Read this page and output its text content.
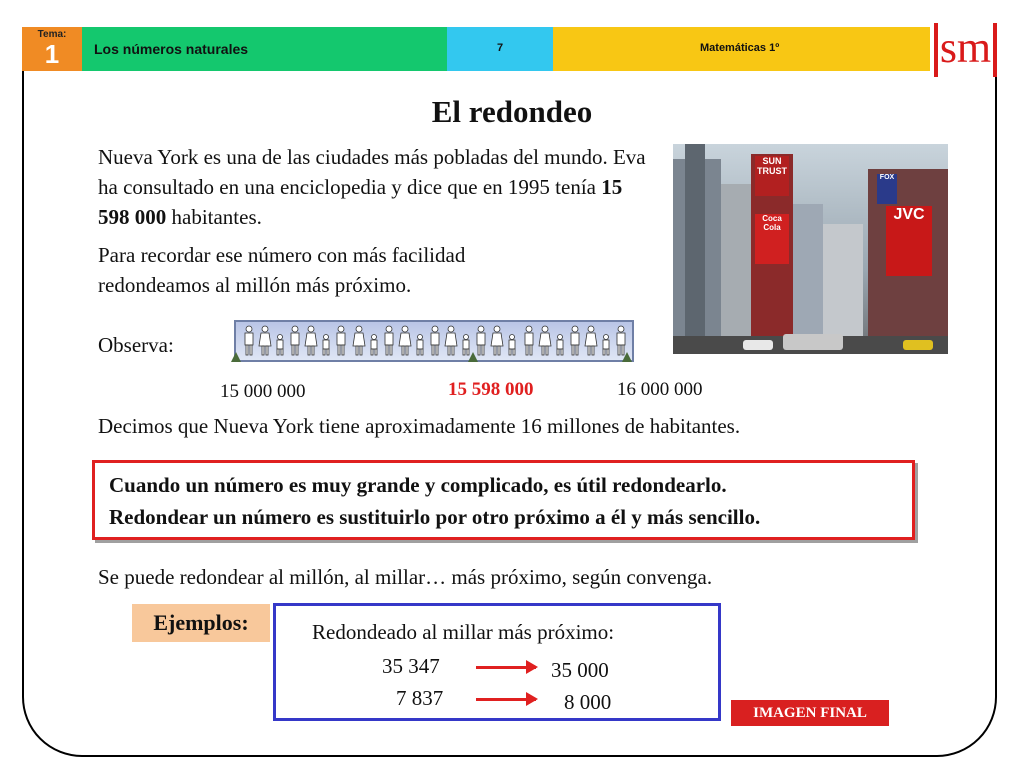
Tema:
1	Los números naturales	7	Matemáticas 1º	sm
El redondeo
Nueva York es una de las ciudades más pobladas del mundo. Eva ha consultado en una enciclopedia y dice que en 1995 tenía 15 598 000 habitantes.
Para recordar ese número con más facilidad redondeamos al millón más próximo.
SUN
TRUST
Coca
Cola
JVC
FOX
Observa:
15 000 000	15 598 000	16 000 000
Decimos que Nueva York tiene aproximadamente 16 millones de habitantes.
Cuando un número es muy grande y complicado, es útil redondearlo.
Redondear un número es sustituirlo por otro próximo a él y más sencillo.
Se puede redondear al millón, al millar… más próximo, según convenga.
Ejemplos:	Redondeado al millar más próximo:
35 347	35 000
7 837	8 000	IMAGEN FINAL
